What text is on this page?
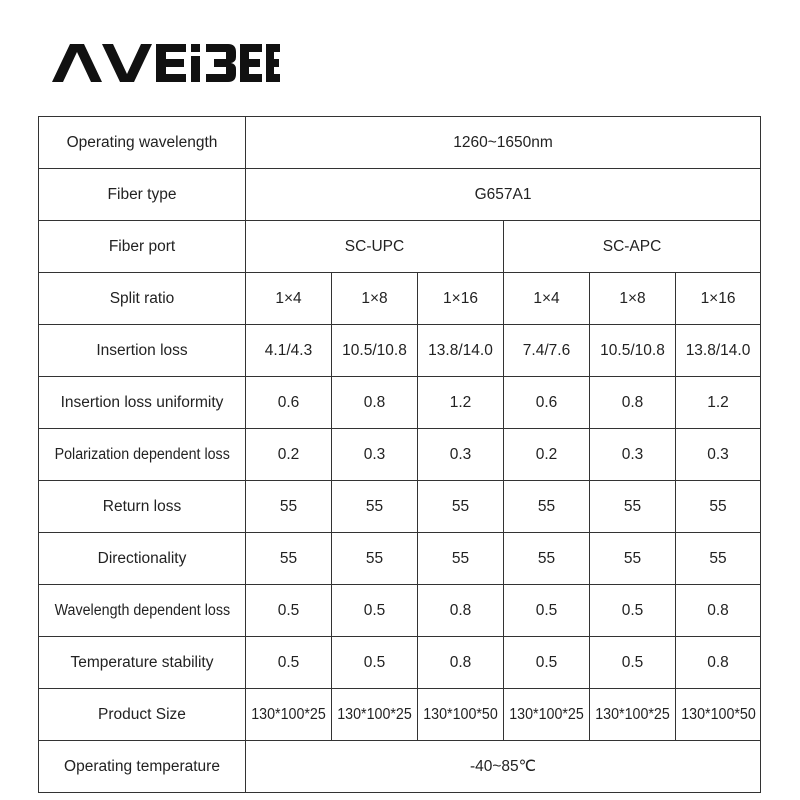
Operating wavelength	1260~1650nm					
Fiber type	G657A1					
Fiber port	SC-UPC			SC-APC		
Split ratio	1×4	1×8	1×16	1×4	1×8	1×16
Insertion loss	4.1/4.3	10.5/10.8	13.8/14.0	7.4/7.6	10.5/10.8	13.8/14.0
Insertion loss uniformity	0.6	0.8	1.2	0.6	0.8	1.2
Polarization dependent loss	0.2	0.3	0.3	0.2	0.3	0.3
Return loss	55	55	55	55	55	55
Directionality	55	55	55	55	55	55
Wavelength dependent loss	0.5	0.5	0.8	0.5	0.5	0.8
Temperature stability	0.5	0.5	0.8	0.5	0.5	0.8
Product Size	130*100*25	130*100*25	130*100*50	130*100*25	130*100*25	130*100*50
Operating temperature	-40~85℃					
